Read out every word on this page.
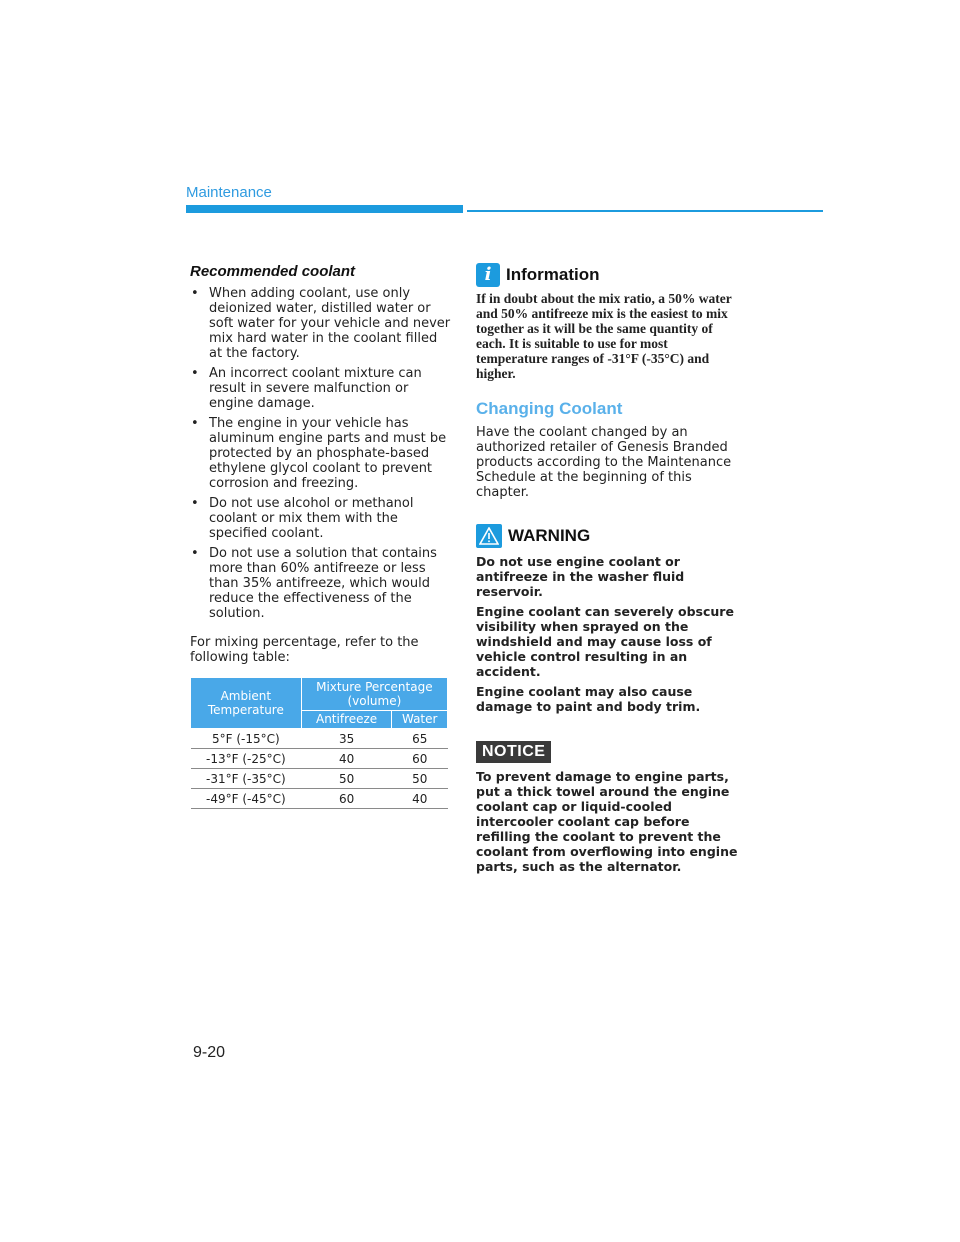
Maintenance
Recommended coolant
• When adding coolant, use only deionized water, distilled water or soft water for your vehicle and never mix hard water in the coolant filled at the factory.
• An incorrect coolant mixture can result in severe malfunction or engine damage.
• The engine in your vehicle has aluminum engine parts and must be protected by an phosphate-based ethylene glycol coolant to prevent corrosion and freezing.
• Do not use alcohol or methanol coolant or mix them with the specified coolant.
• Do not use a solution that contains more than 60% antifreeze or less than 35% antifreeze, which would reduce the effectiveness of the solution.

For mixing percentage, refer to the following table:

Ambient Temperature	Mixture Percentage (volume)	
	Antifreeze	Water
5°F (-15°C)	35	65
-13°F (-25°C)	40	60
-31°F (-35°C)	50	50
-49°F (-45°C)	60	40
i Information

If in doubt about the mix ratio, a 50% water and 50% antifreeze mix is the easiest to mix together as it will be the same quantity of each. It is suitable to use for most temperature ranges of -31°F (-35°C) and higher.

Changing Coolant

Have the coolant changed by an authorized retailer of Genesis Branded products according to the Maintenance Schedule at the beginning of this chapter.

WARNING

Do not use engine coolant or antifreeze in the washer fluid reservoir.

Engine coolant can severely obscure visibility when sprayed on the windshield and may cause loss of vehicle control resulting in an accident.

Engine coolant may also cause damage to paint and body trim.

NOTICE

To prevent damage to engine parts, put a thick towel around the engine coolant cap or liquid-cooled intercooler coolant cap before refilling the coolant to prevent the coolant from overflowing into engine parts, such as the alternator.

9-20
